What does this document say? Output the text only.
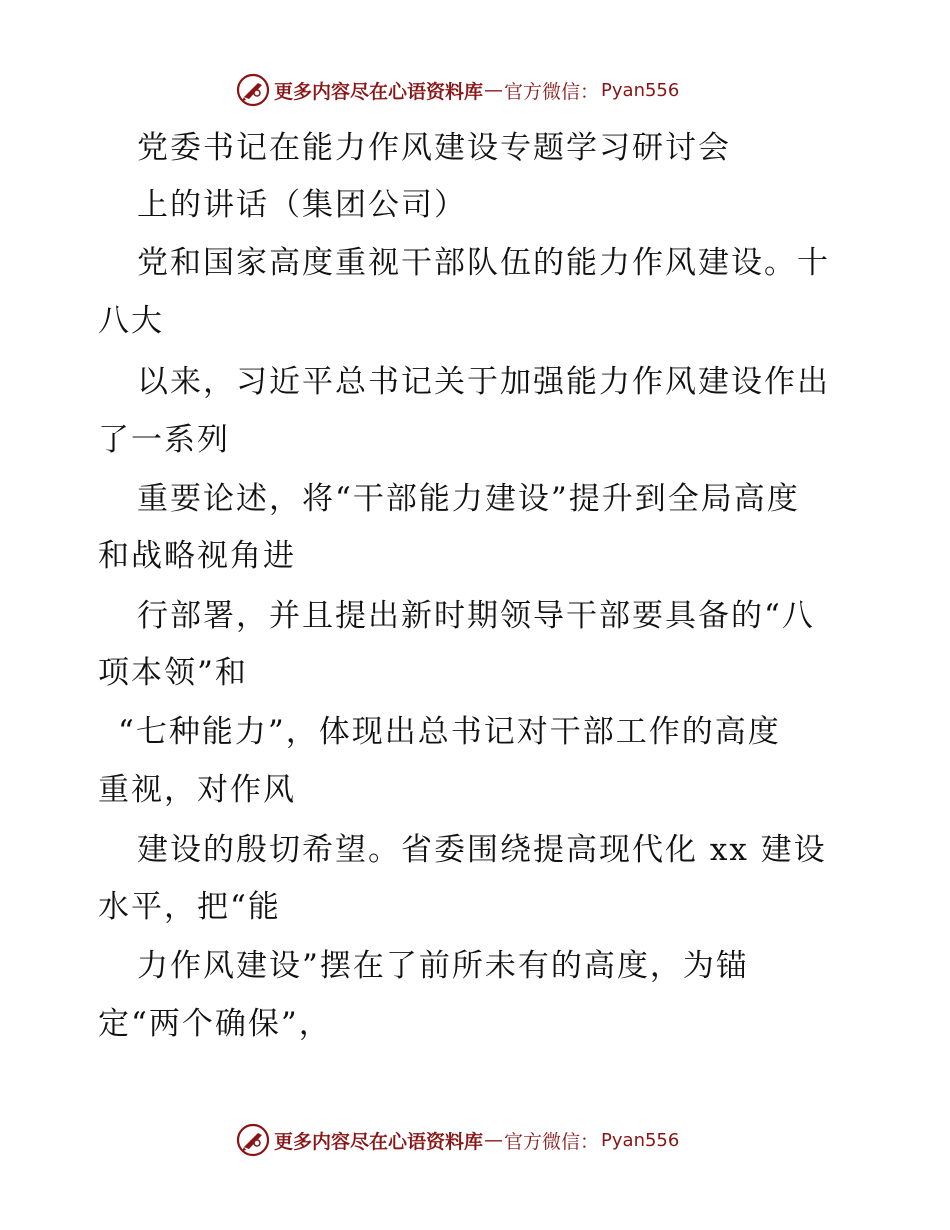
更多内容尽在心语资料库 — 官方微信： Pyan556
党委书记在能力作风建设专题学习研讨会
上的讲话（集团公司）
党和国家高度重视干部队伍的能力作风建设。十
八大
以来，习近平总书记关于加强能力作风建设作出
了一系列
重要论述，将“干部能力建设”提升到全局高度
和战略视角进
行部署，并且提出新时期领导干部要具备的“八
项本领”和
“七种能力”，体现出总书记对干部工作的高度
重视，对作风
建设的殷切希望。省委围绕提高现代化 xx 建设
水平，把“能
力作风建设”摆在了前所未有的高度，为锚
定“两个确保”，
更多内容尽在心语资料库 — 官方微信： Pyan556
